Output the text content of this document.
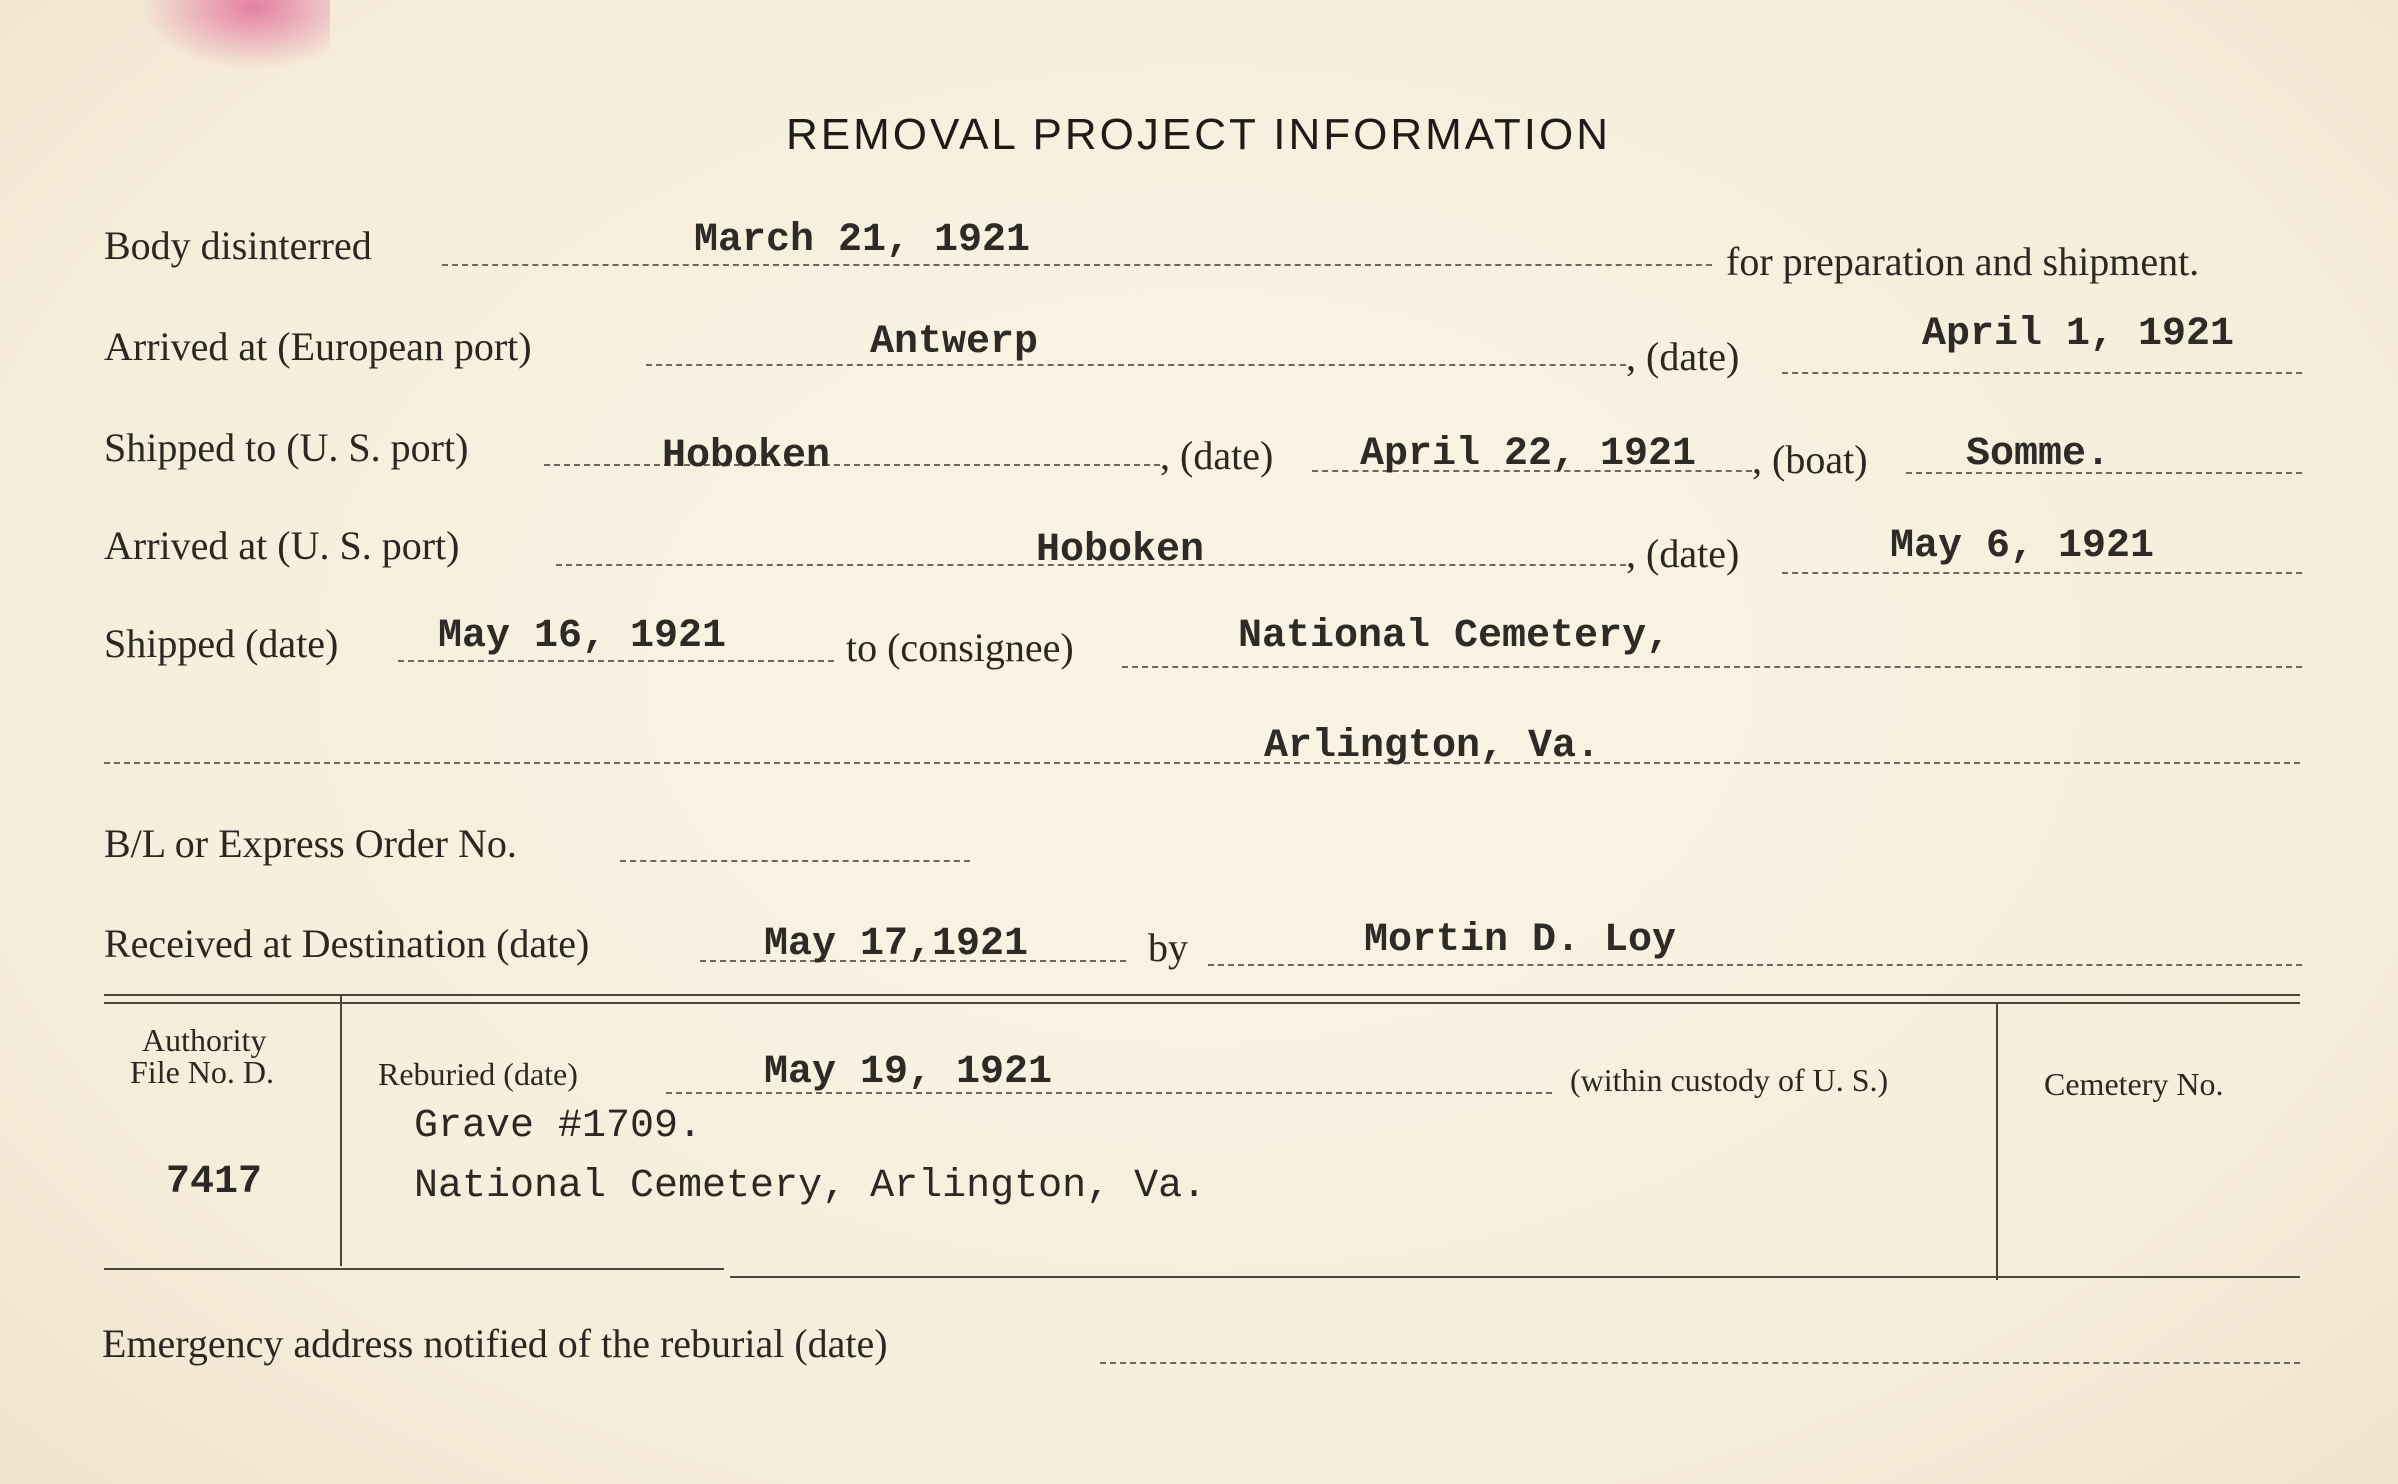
REMOVAL PROJECT INFORMATION
Body disinterred	March 21, 1921	for preparation and shipment.
Arrived at (European port)	Antwerp	, (date)	April 1, 1921
Shipped to (U. S. port)	Hoboken	, (date) April 22, 1921 , (boat) Somme.
Arrived at (U. S. port)	Hoboken	, (date)	May 6, 1921
Shipped (date) May 16, 1921	to (consignee)	National Cemetery,
Arlington, Va.
B/L or Express Order No.
Received at Destination (date)	May 17,1921	by	Mortin D. Loy
Authority
File No. D.
7417
Reburied (date)	May 19, 1921	(within custody of U. S.)
Grave #1709.
National Cemetery, Arlington, Va.
Cemetery No.
Emergency address notified of the reburial (date)
